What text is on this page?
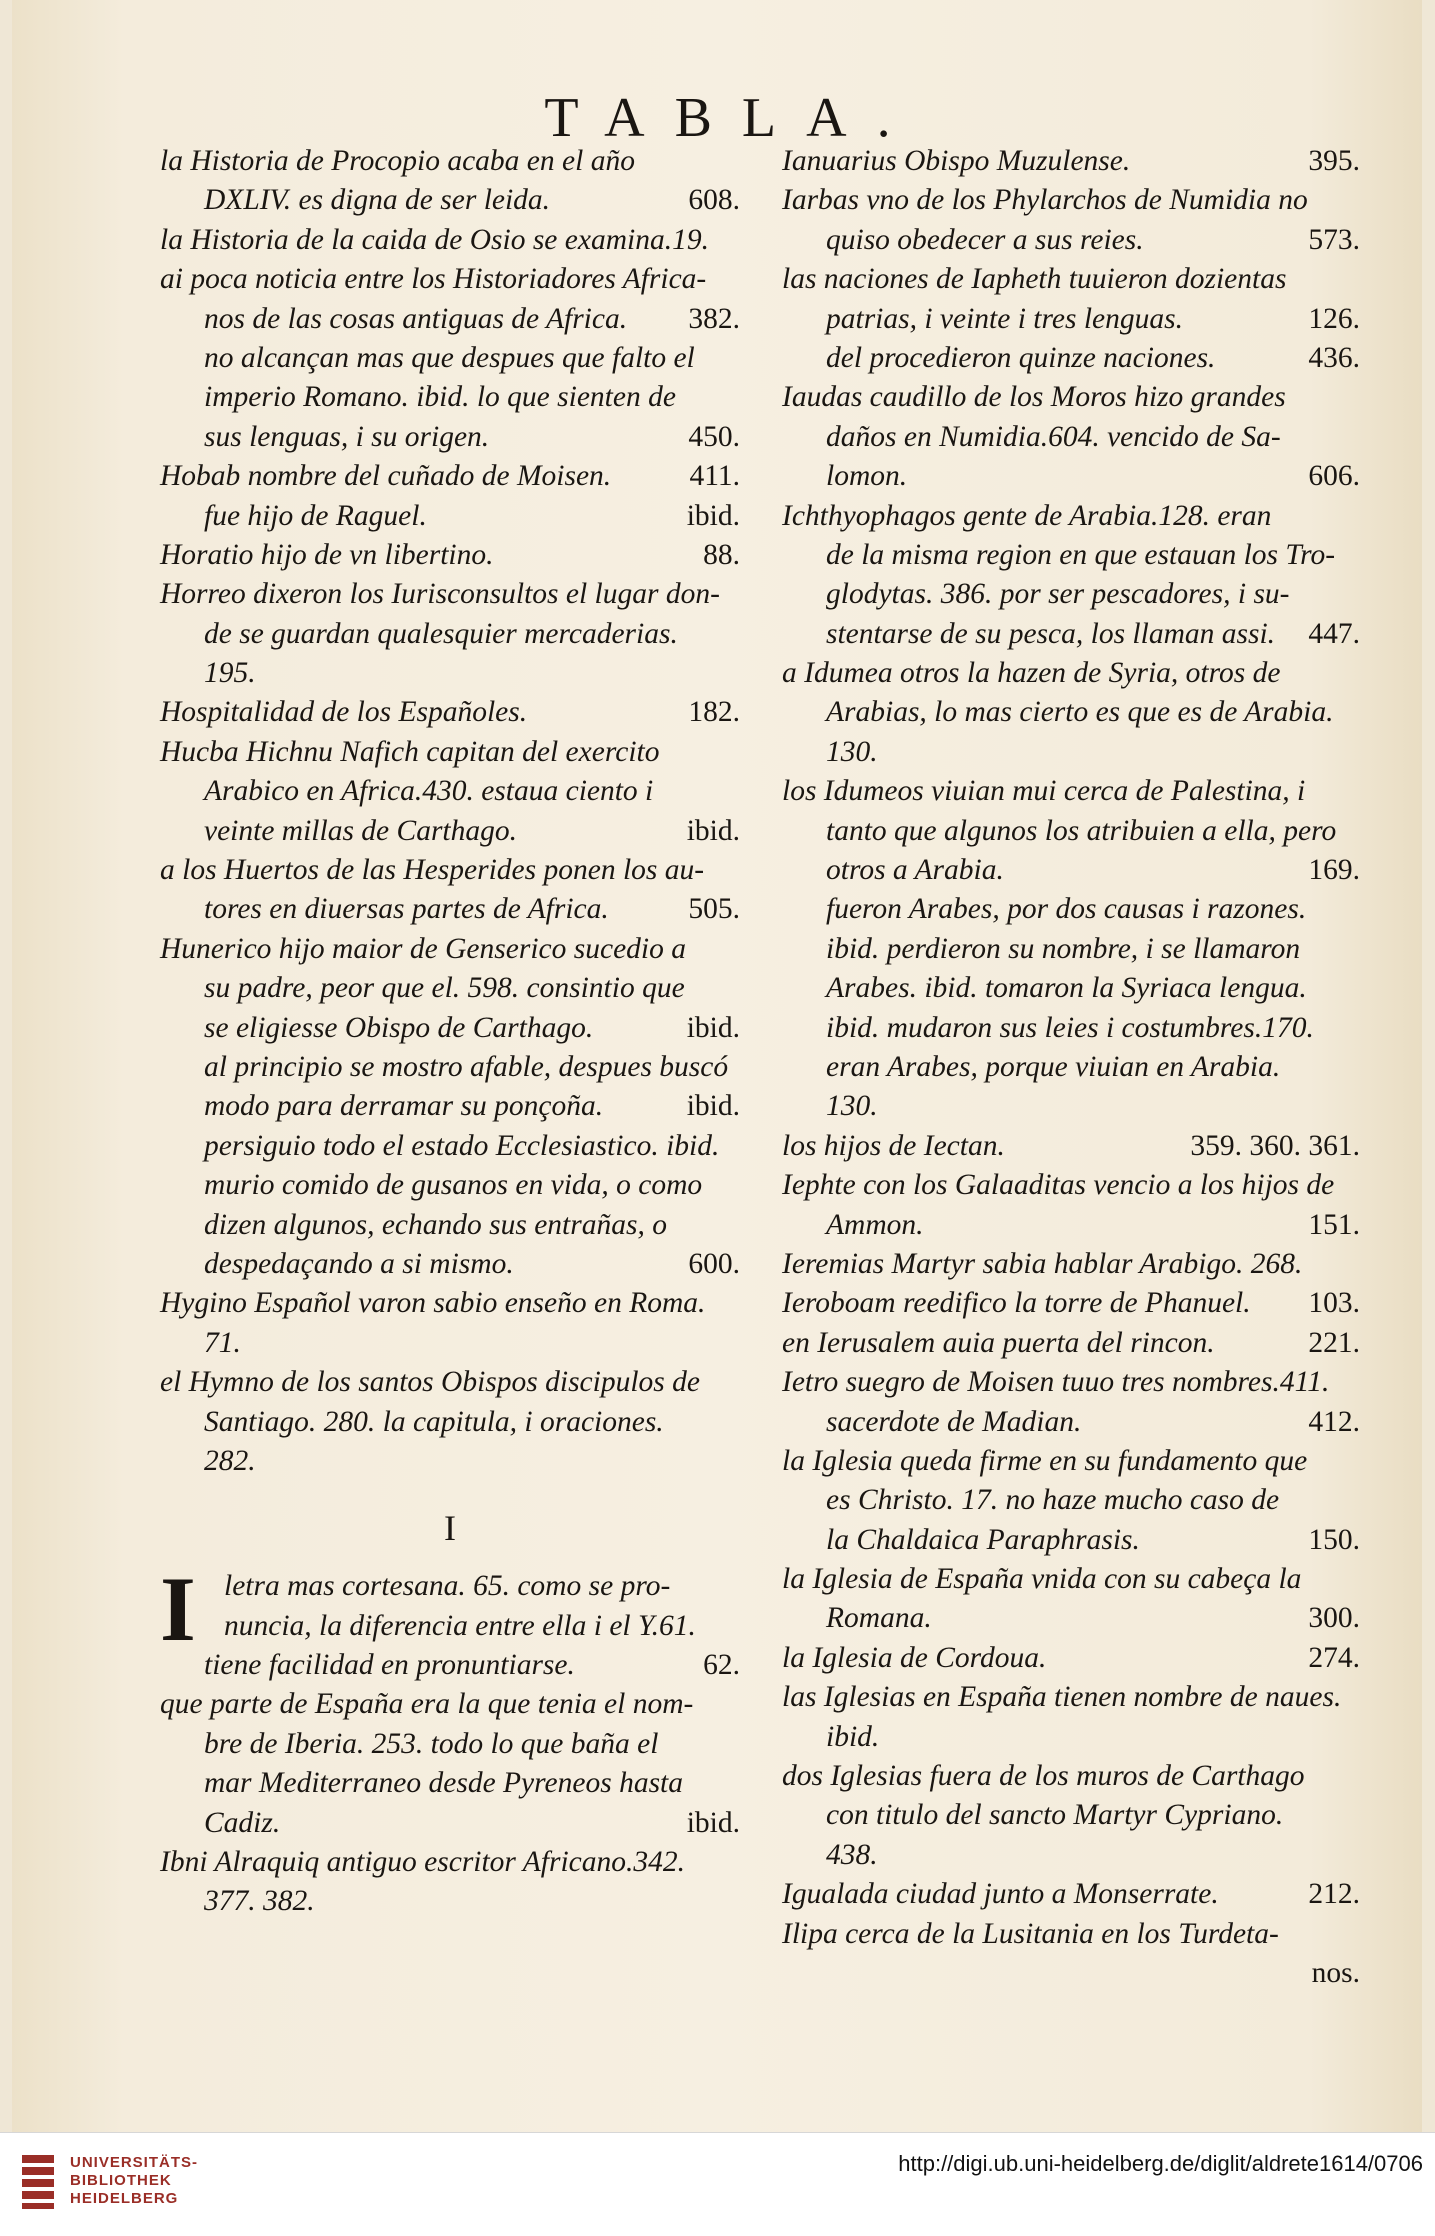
TABLA.
la Historia de Procopio acaba en el año
DXLIV. es digna de ser leida.	608.
la Historia de la caida de Osio se examina.19.
ai poca noticia entre los Historiadores Africa-
nos de las cosas antiguas de Africa. 382.
no alcançan mas que despues que falto el
imperio Romano. ibid. lo que sienten de
sus lenguas, i su origen.	450.
Hobab nombre del cuñado de Moisen.	411.
fue hijo de Raguel.	ibid.
Horatio hijo de vn libertino.	88.
Horreo dixeron los Iurisconsultos el lugar don-
de se guardan qualesquier mercaderias.
195.
Hospitalidad de los Españoles.	182.
Hucba Hichnu Nafich capitan del exercito
Arabico en Africa.430. estaua ciento i
veinte millas de Carthago.	ibid.
a los Huertos de las Hesperides ponen los au-
tores en diuersas partes de Africa.	505.
Hunerico hijo maior de Genserico sucedio a
su padre, peor que el. 598. consintio que
se eligiesse Obispo de Carthago.	ibid.
al principio se mostro afable, despues buscó
modo para derramar su ponçoña.	ibid.
persiguio todo el estado Ecclesiastico. ibid.
murio comido de gusanos en vida, o como
dizen algunos, echando sus entrañas, o
despedaçando a si mismo.	600.
Hygino Español varon sabio enseño en Roma.
71.
el Hymno de los santos Obispos discipulos de
Santiago. 280. la capitula, i oraciones.
282.
I
I letra mas cortesana. 65. como se pro-
nuncia, la diferencia entre ella i el Y.61.
tiene facilidad en pronuntiarse.	62.
que parte de España era la que tenia el nom-
bre de Iberia. 253. todo lo que baña el
mar Mediterraneo desde Pyreneos hasta
Cadiz.	ibid.
Ibni Alraquiq antiguo escritor Africano.342.
377. 382.
Ianuarius Obispo Muzulense.	395.
Iarbas vno de los Phylarchos de Numidia no
quiso obedecer a sus reies.	573.
las naciones de Iapheth tuuieron dozientas
patrias, i veinte i tres lenguas.	126.
del procedieron quinze naciones.	436.
Iaudas caudillo de los Moros hizo grandes
daños en Numidia.604. vencido de Sa-
lomon.	606.
Ichthyophagos gente de Arabia.128. eran
de la misma region en que estauan los Tro-
glodytas. 386. por ser pescadores, i su-
stentarse de su pesca, los llaman assi. 447.
a Idumea otros la hazen de Syria, otros de
Arabias, lo mas cierto es que es de Arabia.
130.
los Idumeos viuian mui cerca de Palestina, i
tanto que algunos los atribuien a ella, pero
otros a Arabia.	169.
fueron Arabes, por dos causas i razones.
ibid. perdieron su nombre, i se llamaron
Arabes. ibid. tomaron la Syriaca lengua.
ibid. mudaron sus leies i costumbres.170.
eran Arabes, porque viuian en Arabia.
130.
los hijos de Iectan.	359. 360. 361.
Iephte con los Galaaditas vencio a los hijos de
Ammon.	151.
Ieremias Martyr sabia hablar Arabigo. 268.
Ieroboam reedifico la torre de Phanuel. 103.
en Ierusalem auia puerta del rincon.	221.
Ietro suegro de Moisen tuuo tres nombres.411.
sacerdote de Madian.	412.
la Iglesia queda firme en su fundamento que
es Christo. 17. no haze mucho caso de
la Chaldaica Paraphrasis.	150.
la Iglesia de España vnida con su cabeça la
Romana.	300.
la Iglesia de Cordoua.	274.
las Iglesias en España tienen nombre de naues.
ibid.
dos Iglesias fuera de los muros de Carthago
con titulo del sancto Martyr Cypriano.
438.
Igualada ciudad junto a Monserrate.	212.
Ilipa cerca de la Lusitania en los Turdeta-
nos.
UNIVERSITÄTS-
BIBLIOTHEK
HEIDELBERG
http://digi.ub.uni-heidelberg.de/diglit/aldrete1614/0706
